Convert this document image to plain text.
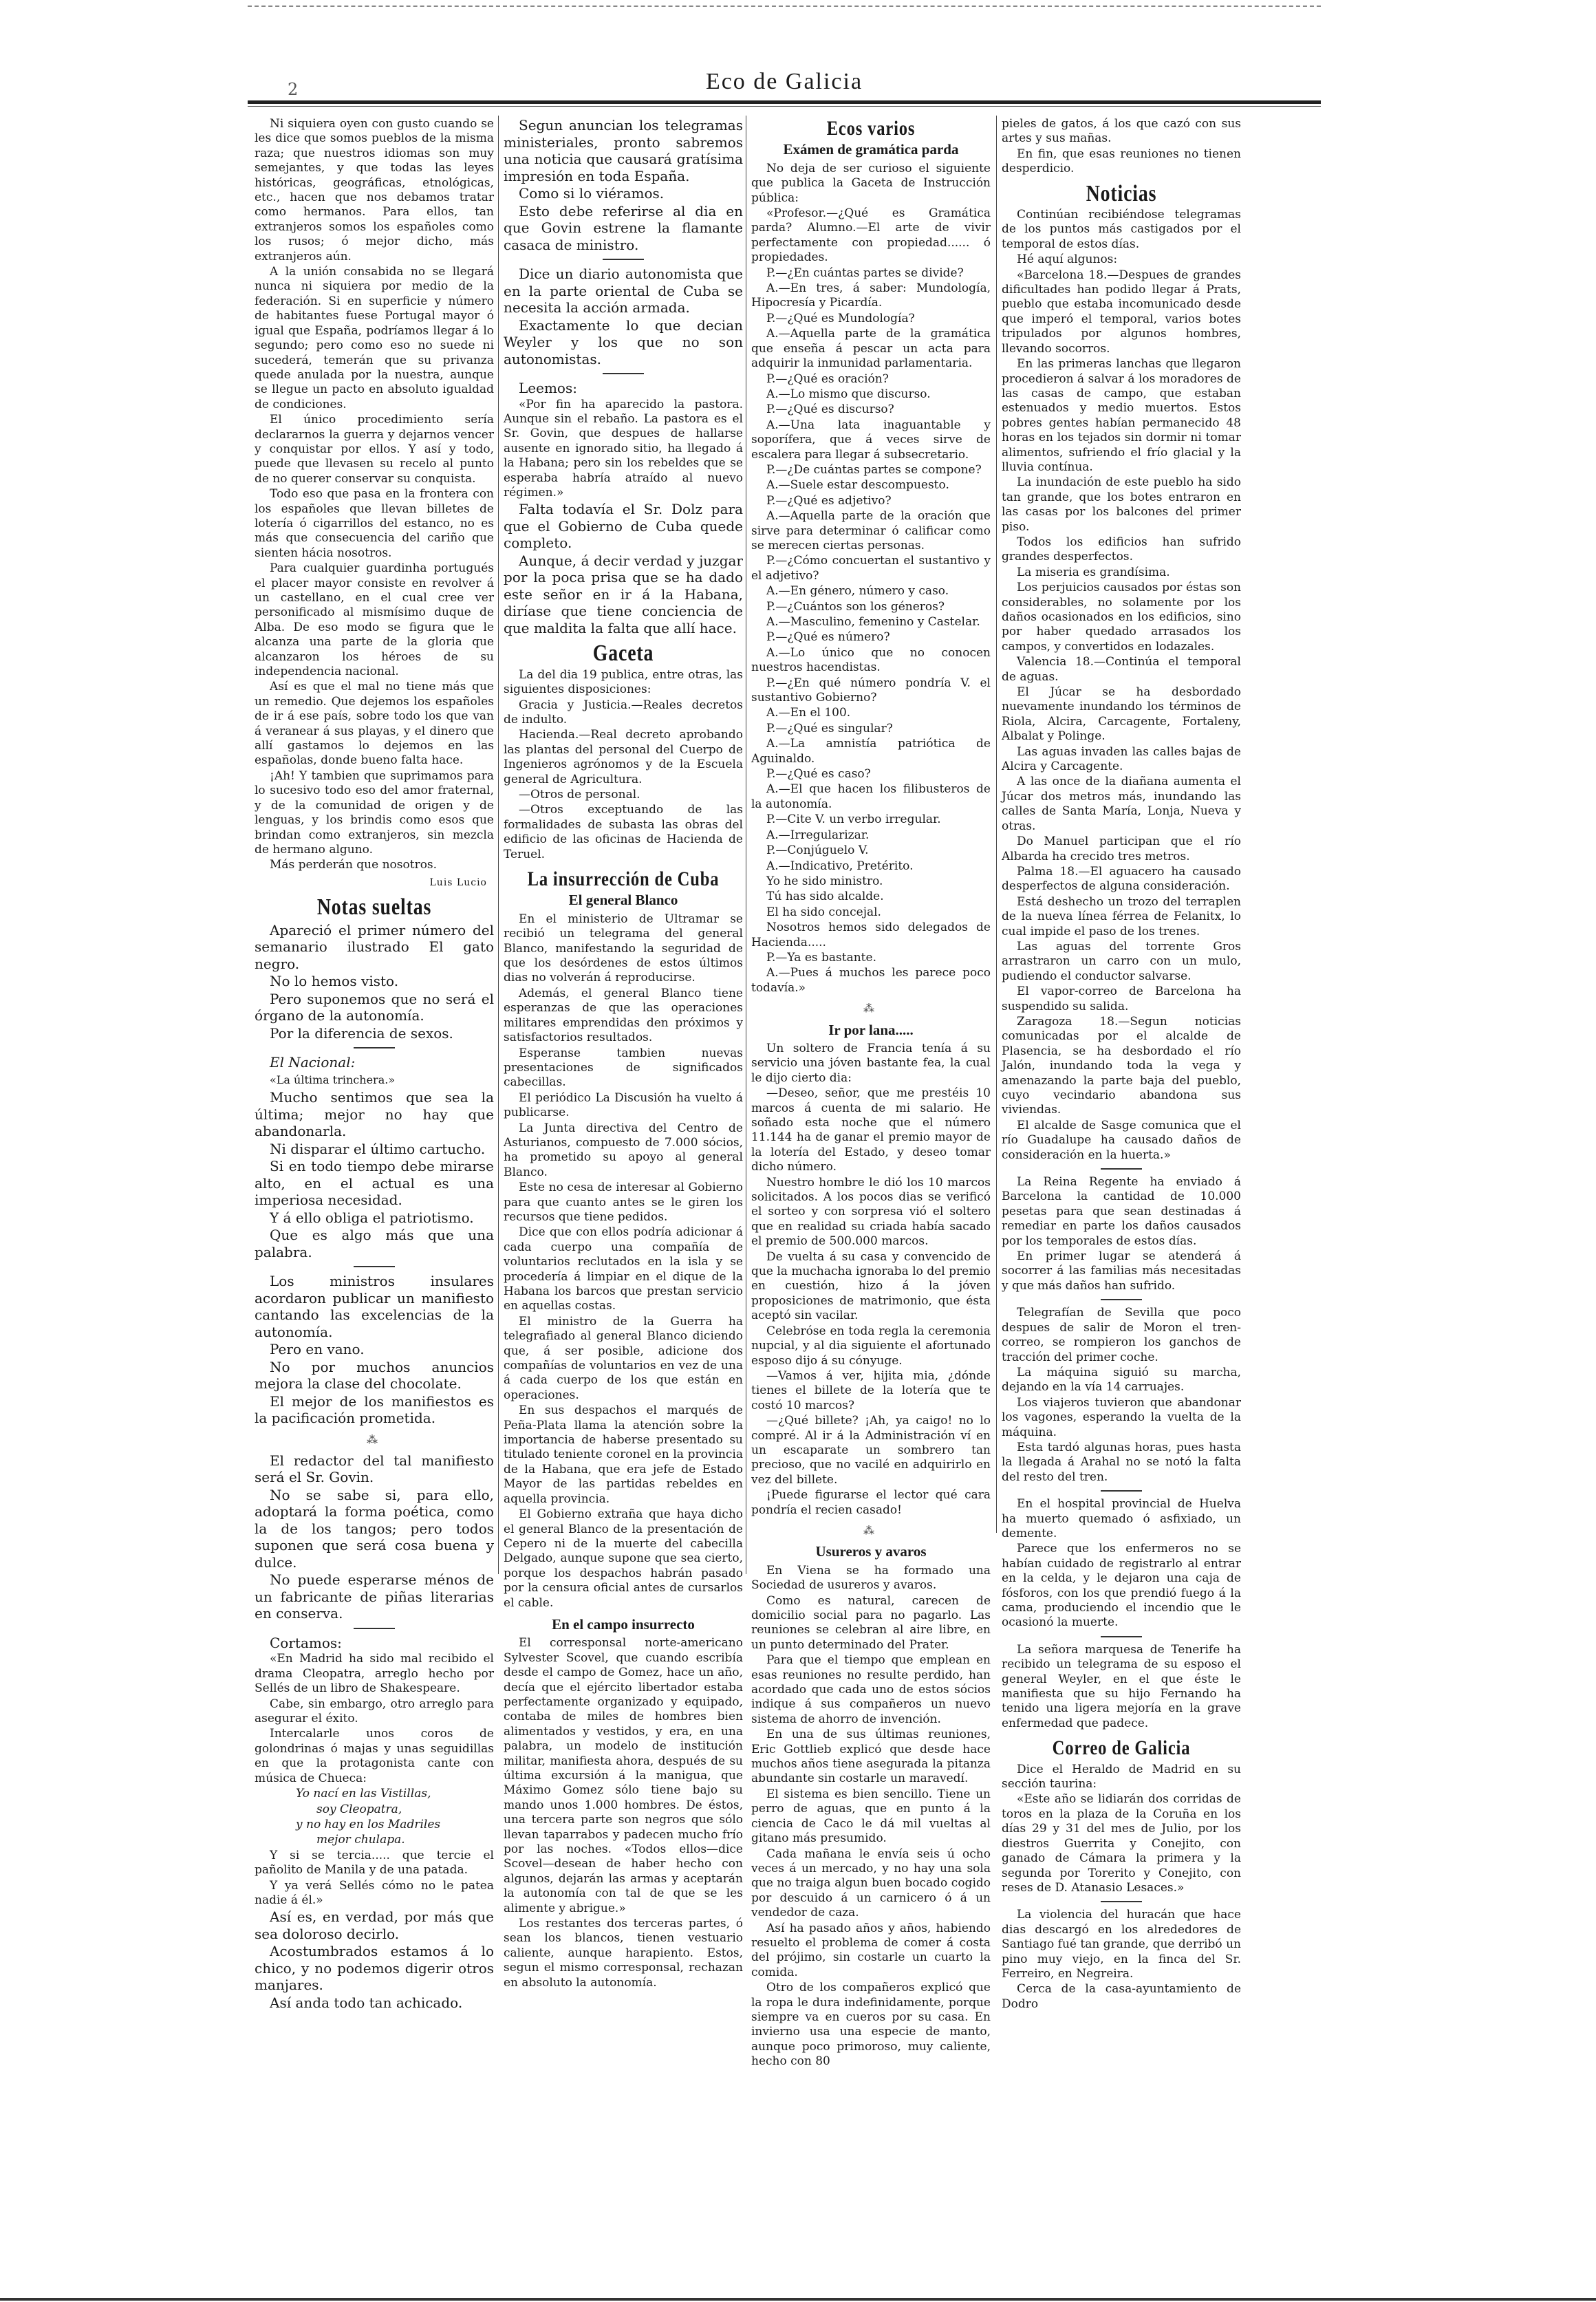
2	Eco de Galicia

Ni siquiera oyen con gusto cuando se les dice que somos pueblos de la misma raza; que nuestros idiomas son muy semejantes, y que todas las leyes históricas, geográficas, etnológicas, etc., hacen que nos debamos tratar como hermanos. Para ellos, tan extranjeros somos los españoles como los rusos; ó mejor dicho, más extranjeros aún.

A la unión consabida no se llegará nunca ni siquiera por medio de la federación. Si en superficie y número de habitantes fuese Portugal mayor ó igual que España, podríamos llegar á lo segundo; pero como eso no suede ni sucederá, temerán que su privanza quede anulada por la nuestra, aunque se llegue un pacto en absoluto igualdad de condiciones.

El único procedimiento sería declararnos la guerra y dejarnos vencer y conquistar por ellos. Y así y todo, puede que llevasen su recelo al punto de no querer conservar su conquista.

Todo eso que pasa en la frontera con los españoles que llevan billetes de lotería ó cigarrillos del estanco, no es más que consecuencia del cariño que sienten hácia nosotros.

Para cualquier guardinha portugués el placer mayor consiste en revolver á un castellano, en el cual cree ver personificado al mismísimo duque de Alba. De eso modo se figura que le alcanza una parte de la gloria que alcanzaron los héroes de su independencia nacional.

Así es que el mal no tiene más que un remedio. Que dejemos los españoles de ir á ese país, sobre todo los que van á veranear á sus playas, y el dinero que allí gastamos lo dejemos en las españolas, donde bueno falta hace.

¡Ah! Y tambien que suprimamos para lo sucesivo todo eso del amor fraternal, y de la comunidad de origen y de lenguas, y los brindis como esos que brindan como extranjeros, sin mezcla de hermano alguno.

Más perderán que nosotros.

Luis Lucio
Notas sueltas

Apareció el primer número del semanario ilustrado El gato negro.

No lo hemos visto.

Pero suponemos que no será el órgano de la autonomía.

Por la diferencia de sexos.

El Nacional:

«La última trinchera.»

Mucho sentimos que sea la última; mejor no hay que abandonarla.

Ni disparar el último cartucho.

Si en todo tiempo debe mirarse alto, en el actual es una imperiosa necesidad.

Y á ello obliga el patriotismo.

Que es algo más que una palabra.

Los ministros insulares acordaron publicar un manifiesto cantando las excelencias de la autonomía.

Pero en vano.

No por muchos anuncios mejora la clase del chocolate.

El mejor de los manifiestos es la pacificación prometida.

⁂

El redactor del tal manifiesto será el Sr. Govin.

No se sabe si, para ello, adoptará la forma poética, como la de los tangos; pero todos suponen que será cosa buena y dulce.

No puede esperarse ménos de un fabricante de piñas literarias en conserva.

Cortamos:

«En Madrid ha sido mal recibido el drama Cleopatra, arreglo hecho por Sellés de un libro de Shakespeare.

Cabe, sin embargo, otro arreglo para asegurar el éxito.

Intercalarle unos coros de golondrinas ó majas y unas seguidillas en que la protagonista cante con música de Chueca:

Yo nací en las Vistillas,

soy Cleopatra,

y no hay en los Madriles

mejor chulapa.

Y si se tercia..... que tercie el pañolito de Manila y de una patada.

Y ya verá Sellés cómo no le patea nadie á él.»

Así es, en verdad, por más que sea doloroso decirlo.

Acostumbrados estamos á lo chico, y no podemos digerir otros manjares.

Así anda todo tan achicado.

Segun anuncian los telegramas ministeriales, pronto sabremos una noticia que causará gratísima impresión en toda España.

Como si lo viéramos.

Esto debe referirse al dia en que Govin estrene la flamante casaca de ministro.

Dice un diario autonomista que en la parte oriental de Cuba se necesita la acción armada.

Exactamente lo que decian Weyler y los que no son autonomistas.

Leemos:

«Por fin ha aparecido la pastora. Aunque sin el rebaño. La pastora es el Sr. Govin, que despues de hallarse ausente en ignorado sitio, ha llegado á la Habana; pero sin los rebeldes que se esperaba habría atraído al nuevo régimen.»

Falta todavía el Sr. Dolz para que el Gobierno de Cuba quede completo.

Aunque, á decir verdad y juzgar por la poca prisa que se ha dado este señor en ir á la Habana, diríase que tiene conciencia de que maldita la falta que allí hace.

Gaceta

La del dia 19 publica, entre otras, las siguientes disposiciones:

Gracia y Justicia.—Reales decretos de indulto.

Hacienda.—Real decreto aprobando las plantas del personal del Cuerpo de Ingenieros agrónomos y de la Escuela general de Agricultura.

—Otros de personal.

—Otros exceptuando de las formalidades de subasta las obras del edificio de las oficinas de Hacienda de Teruel.

La insurrección de Cuba
El general Blanco

En el ministerio de Ultramar se recibió un telegrama del general Blanco, manifestando la seguridad de que los desórdenes de estos últimos dias no volverán á reproducirse.

Además, el general Blanco tiene esperanzas de que las operaciones militares emprendidas den próximos y satisfactorios resultados.

Esperanse tambien nuevas presentaciones de significados cabecillas.

El periódico La Discusión ha vuelto á publicarse.

La Junta directiva del Centro de Asturianos, compuesto de 7.000 sócios, ha prometido su apoyo al general Blanco.

Este no cesa de interesar al Gobierno para que cuanto antes se le giren los recursos que tiene pedidos.

Dice que con ellos podría adicionar á cada cuerpo una compañía de voluntarios reclutados en la isla y se procedería á limpiar en el dique de la Habana los barcos que prestan servicio en aquellas costas.

El ministro de la Guerra ha telegrafiado al general Blanco diciendo que, á ser posible, adicione dos compañías de voluntarios en vez de una á cada cuerpo de los que están en operaciones.

En sus despachos el marqués de Peña-Plata llama la atención sobre la importancia de haberse presentado su titulado teniente coronel en la provincia de la Habana, que era jefe de Estado Mayor de las partidas rebeldes en aquella provincia.

El Gobierno extraña que haya dicho el general Blanco de la presentación de Cepero ni de la muerte del cabecilla Delgado, aunque supone que sea cierto, porque los despachos habrán pasado por la censura oficial antes de cursarlos el cable.

En el campo insurrecto

El corresponsal norte-americano Sylvester Scovel, que cuando escribía desde el campo de Gomez, hace un año, decía que el ejército libertador estaba perfectamente organizado y equipado, contaba de miles de hombres bien alimentados y vestidos, y era, en una palabra, un modelo de institución militar, manifiesta ahora, después de su última excursión á la manigua, que Máximo Gomez sólo tiene bajo su mando unos 1.000 hombres. De éstos, una tercera parte son negros que sólo llevan taparrabos y padecen mucho frío por las noches. «Todos ellos—dice Scovel—desean de haber hecho con algunos, dejarán las armas y aceptarán la autonomía con tal de que se les alimente y abrigue.»

Los restantes dos terceras partes, ó sean los blancos, tienen vestuario caliente, aunque harapiento. Estos, segun el mismo corresponsal, rechazan en absoluto la autonomía.

Ecos varios
Exámen de gramática parda

No deja de ser curioso el siguiente que publica la Gaceta de Instrucción pública:

«Profesor.—¿Qué es Gramática parda? Alumno.—El arte de vivir perfectamente con propiedad...... ó propiedades.

P.—¿En cuántas partes se divide?

A.—En tres, á saber: Mundología, Hipocresía y Picardía.

P.—¿Qué es Mundología?

A.—Aquella parte de la gramática que enseña á pescar un acta para adquirir la inmunidad parlamentaria.

P.—¿Qué es oración?

A.—Lo mismo que discurso.

P.—¿Qué es discurso?

A.—Una lata inaguantable y soporífera, que á veces sirve de escalera para llegar á subsecretario.

P.—¿De cuántas partes se compone?

A.—Suele estar descompuesto.

P.—¿Qué es adjetivo?

A.—Aquella parte de la oración que sirve para determinar ó calificar como se merecen ciertas personas.

P.—¿Cómo concuertan el sustantivo y el adjetivo?

A.—En género, número y caso.

P.—¿Cuántos son los géneros?

A.—Masculino, femenino y Castelar.

P.—¿Qué es número?

A.—Lo único que no conocen nuestros hacendistas.

P.—¿En qué número pondría V. el sustantivo Gobierno?

A.—En el 100.

P.—¿Qué es singular?

A.—La amnistía patriótica de Aguinaldo.

P.—¿Qué es caso?

A.—El que hacen los filibusteros de la autonomía.

P.—Cite V. un verbo irregular.

A.—Irregularizar.

P.—Conjúguelo V.

A.—Indicativo, Pretérito.

Yo he sido ministro.

Tú has sido alcalde.

El ha sido concejal.

Nosotros hemos sido delegados de Hacienda.....

P.—Ya es bastante.

A.—Pues á muchos les parece poco todavía.»

⁂
Ir por lana.....

Un soltero de Francia tenía á su servicio una jóven bastante fea, la cual le dijo cierto dia:

—Deseo, señor, que me prestéis 10 marcos á cuenta de mi salario. He soñado esta noche que el número 11.144 ha de ganar el premio mayor de la lotería del Estado, y deseo tomar dicho número.

Nuestro hombre le dió los 10 marcos solicitados. A los pocos dias se verificó el sorteo y con sorpresa vió el soltero que en realidad su criada había sacado el premio de 500.000 marcos.

De vuelta á su casa y convencido de que la muchacha ignoraba lo del premio en cuestión, hizo á la jóven proposiciones de matrimonio, que ésta aceptó sin vacilar.

Celebróse en toda regla la ceremonia nupcial, y al dia siguiente el afortunado esposo dijo á su cónyuge.

—Vamos á ver, hijita mia, ¿dónde tienes el billete de la lotería que te costó 10 marcos?

—¿Qué billete? ¡Ah, ya caigo! no lo compré. Al ir á la Administración ví en un escaparate un sombrero tan precioso, que no vacilé en adquirirlo en vez del billete.

¡Puede figurarse el lector qué cara pondría el recien casado!

⁂
Usureros y avaros

En Viena se ha formado una Sociedad de usureros y avaros.

Como es natural, carecen de domicilio social para no pagarlo. Las reuniones se celebran al aire libre, en un punto determinado del Prater.

Para que el tiempo que emplean en esas reuniones no resulte perdido, han acordado que cada uno de estos sócios indique á sus compañeros un nuevo sistema de ahorro de invención.

En una de sus últimas reuniones, Eric Gottlieb explicó que desde hace muchos años tiene asegurada la pitanza abundante sin costarle un maravedí.

El sistema es bien sencillo. Tiene un perro de aguas, que en punto á la ciencia de Caco le dá mil vueltas al gitano más presumido.

Cada mañana le envía seis ú ocho veces á un mercado, y no hay una sola que no traiga algun buen bocado cogido por descuido á un carnicero ó á un vendedor de caza.

Así ha pasado años y años, habiendo resuelto el problema de comer á costa del prójimo, sin costarle un cuarto la comida.

Otro de los compañeros explicó que la ropa le dura indefinidamente, porque siempre va en cueros por su casa. En invierno usa una especie de manto, aunque poco primoroso, muy caliente, hecho con 80

pieles de gatos, á los que cazó con sus artes y sus mañas.

En fin, que esas reuniones no tienen desperdicio.

Noticias

Continúan recibiéndose telegramas de los puntos más castigados por el temporal de estos días.

Hé aquí algunos:

«Barcelona 18.—Despues de grandes dificultades han podido llegar á Prats, pueblo que estaba incomunicado desde que imperó el temporal, varios botes tripulados por algunos hombres, llevando socorros.

En las primeras lanchas que llegaron procedieron á salvar á los moradores de las casas de campo, que estaban estenuados y medio muertos. Estos pobres gentes habían permanecido 48 horas en los tejados sin dormir ni tomar alimentos, sufriendo el frío glacial y la lluvia contínua.

La inundación de este pueblo ha sido tan grande, que los botes entraron en las casas por los balcones del primer piso.

Todos los edificios han sufrido grandes desperfectos.

La miseria es grandísima.

Los perjuicios causados por éstas son considerables, no solamente por los daños ocasionados en los edificios, sino por haber quedado arrasados los campos, y convertidos en lodazales.

Valencia 18.—Continúa el temporal de aguas.

El Júcar se ha desbordado nuevamente inundando los términos de Riola, Alcira, Carcagente, Fortaleny, Albalat y Polinge.

Las aguas invaden las calles bajas de Alcira y Carcagente.

A las once de la diañana aumenta el Júcar dos metros más, inundando las calles de Santa María, Lonja, Nueva y otras.

Do Manuel participan que el río Albarda ha crecido tres metros.

Palma 18.—El aguacero ha causado desperfectos de alguna consideración.

Está deshecho un trozo del terraplen de la nueva línea férrea de Felanitx, lo cual impide el paso de los trenes.

Las aguas del torrente Gros arrastraron un carro con un mulo, pudiendo el conductor salvarse.

El vapor-correo de Barcelona ha suspendido su salida.

Zaragoza 18.—Segun noticias comunicadas por el alcalde de Plasencia, se ha desbordado el río Jalón, inundando toda la vega y amenazando la parte baja del pueblo, cuyo vecindario abandona sus viviendas.

El alcalde de Sasge comunica que el río Guadalupe ha causado daños de consideración en la huerta.»

La Reina Regente ha enviado á Barcelona la cantidad de 10.000 pesetas para que sean destinadas á remediar en parte los daños causados por los temporales de estos días.

En primer lugar se atenderá á socorrer á las familias más necesitadas y que más daños han sufrido.

Telegrafían de Sevilla que poco despues de salir de Moron el tren-correo, se rompieron los ganchos de tracción del primer coche.

La máquina siguió su marcha, dejando en la vía 14 carruajes.

Los viajeros tuvieron que abandonar los vagones, esperando la vuelta de la máquina.

Esta tardó algunas horas, pues hasta la llegada á Arahal no se notó la falta del resto del tren.

En el hospital provincial de Huelva ha muerto quemado ó asfixiado, un demente.

Parece que los enfermeros no se habían cuidado de registrarlo al entrar en la celda, y le dejaron una caja de fósforos, con los que prendió fuego á la cama, produciendo el incendio que le ocasionó la muerte.

La señora marquesa de Tenerife ha recibido un telegrama de su esposo el general Weyler, en el que éste le manifiesta que su hijo Fernando ha tenido una ligera mejoría en la grave enfermedad que padece.

Correo de Galicia

Dice el Heraldo de Madrid en su sección taurina:

«Este año se lidiarán dos corridas de toros en la plaza de la Coruña en los días 29 y 31 del mes de Julio, por los diestros Guerrita y Conejito, con ganado de Cámara la primera y la segunda por Torerito y Conejito, con reses de D. Atanasio Lesaces.»

La violencia del huracán que hace dias descargó en los alrededores de Santiago fué tan grande, que derribó un pino muy viejo, en la finca del Sr. Ferreiro, en Negreira.

Cerca de la casa-ayuntamiento de Dodro
